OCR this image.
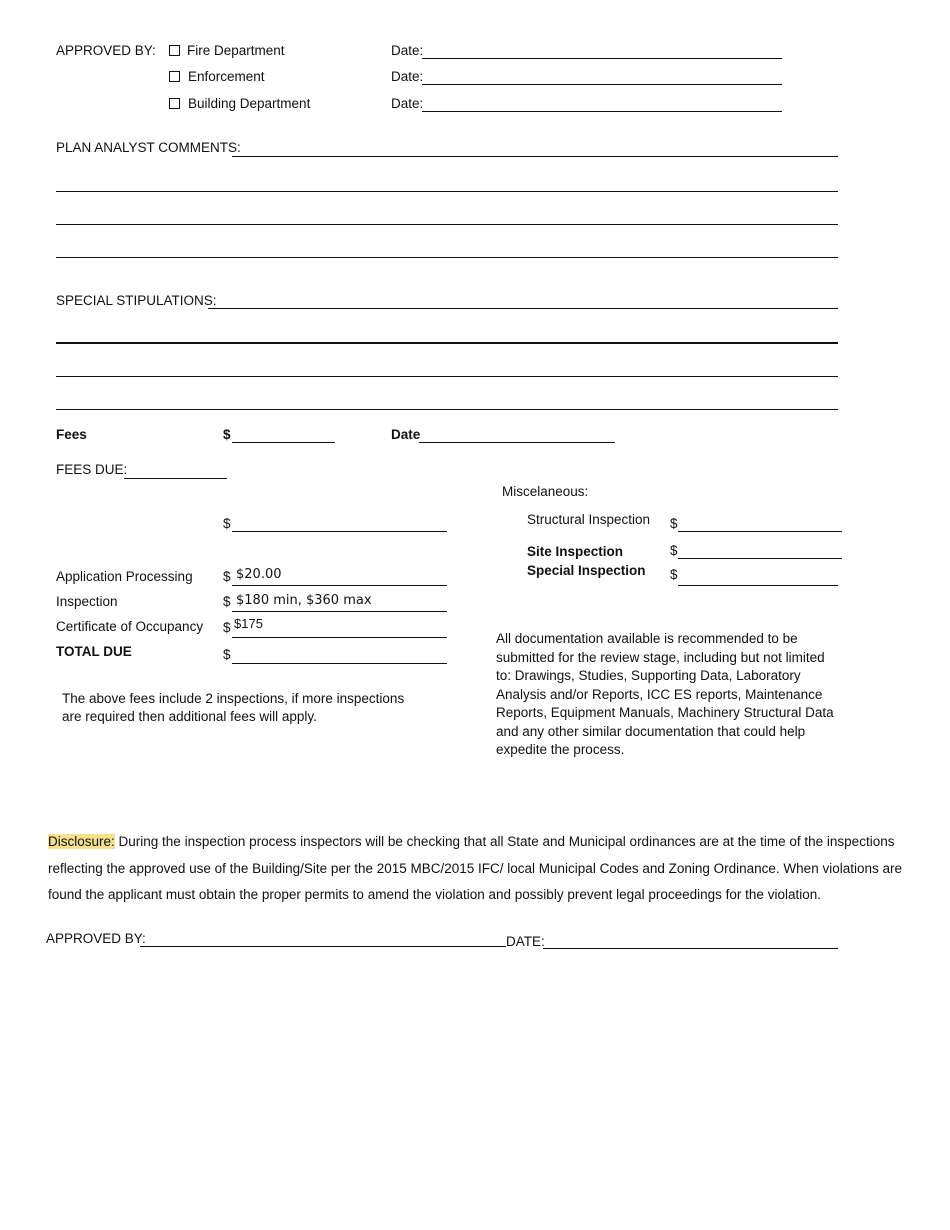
APPROVED BY: Fire Department	Date:
Enforcement	Date:
Building Department	Date:
PLAN ANALYST COMMENTS:
SPECIAL STIPULATIONS:
Fees	$	Date
FEES DUE:
$
Application Processing $ $20.00
Inspection	$ $180 min, $360 max
Certificate of Occupancy $ $175
TOTAL DUE	$
The above fees include 2 inspections, if more inspections are required then additional fees will apply.
Miscelaneous:
Structural Inspection $
Site Inspection	$
Special Inspection $
All documentation available is recommended to be submitted for the review stage, including but not limited to: Drawings, Studies, Supporting Data, Laboratory Analysis and/or Reports, ICC ES reports, Maintenance Reports, Equipment Manuals, Machinery Structural Data and any other similar documentation that could help expedite the process.
Disclosure: During the inspection process inspectors will be checking that all State and Municipal ordinances are at the time of the inspections
reflecting the approved use of the Building/Site per the 2015 MBC/2015 IFC/ local Municipal Codes and Zoning Ordinance. When violations are
found the applicant must obtain the proper permits to amend the violation and possibly prevent legal proceedings for the violation.
APPROVED BY:	DATE:
